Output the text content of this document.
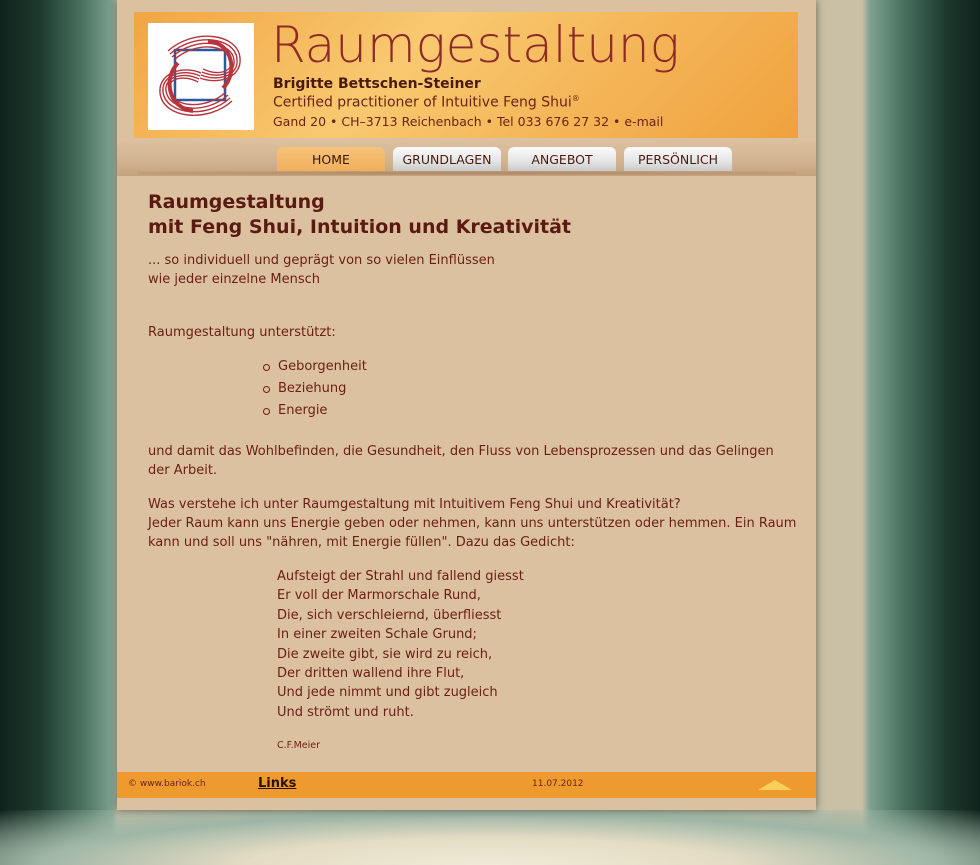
Raumgestaltung
Brigitte Bettschen-Steiner
Certified practitioner of Intuitive Feng Shui®
Gand 20 • CH–3713 Reichenbach • Tel 033 676 27 32 • e-mail
HOME	GRUNDLAGEN	ANGEBOT	PERSÖNLICH
Raumgestaltung
mit Feng Shui, Intuition und Kreativität
... so individuell und geprägt von so vielen Einflüssen
wie jeder einzelne Mensch
Raumgestaltung unterstützt:
Geborgenheit
Beziehung
Energie
und damit das Wohlbefinden, die Gesundheit, den Fluss von Lebensprozessen und das Gelingen
der Arbeit.
Was verstehe ich unter Raumgestaltung mit Intuitivem Feng Shui und Kreativität?
Jeder Raum kann uns Energie geben oder nehmen, kann uns unterstützen oder hemmen. Ein Raum
kann und soll uns "nähren, mit Energie füllen". Dazu das Gedicht:
Aufsteigt der Strahl und fallend giesst
Er voll der Marmorschale Rund,
Die, sich verschleiernd, überfliesst
In einer zweiten Schale Grund;
Die zweite gibt, sie wird zu reich,
Der dritten wallend ihre Flut,
Und jede nimmt und gibt zugleich
Und strömt und ruht.
C.F.Meier
© www.bariok.ch	Links	11.07.2012
